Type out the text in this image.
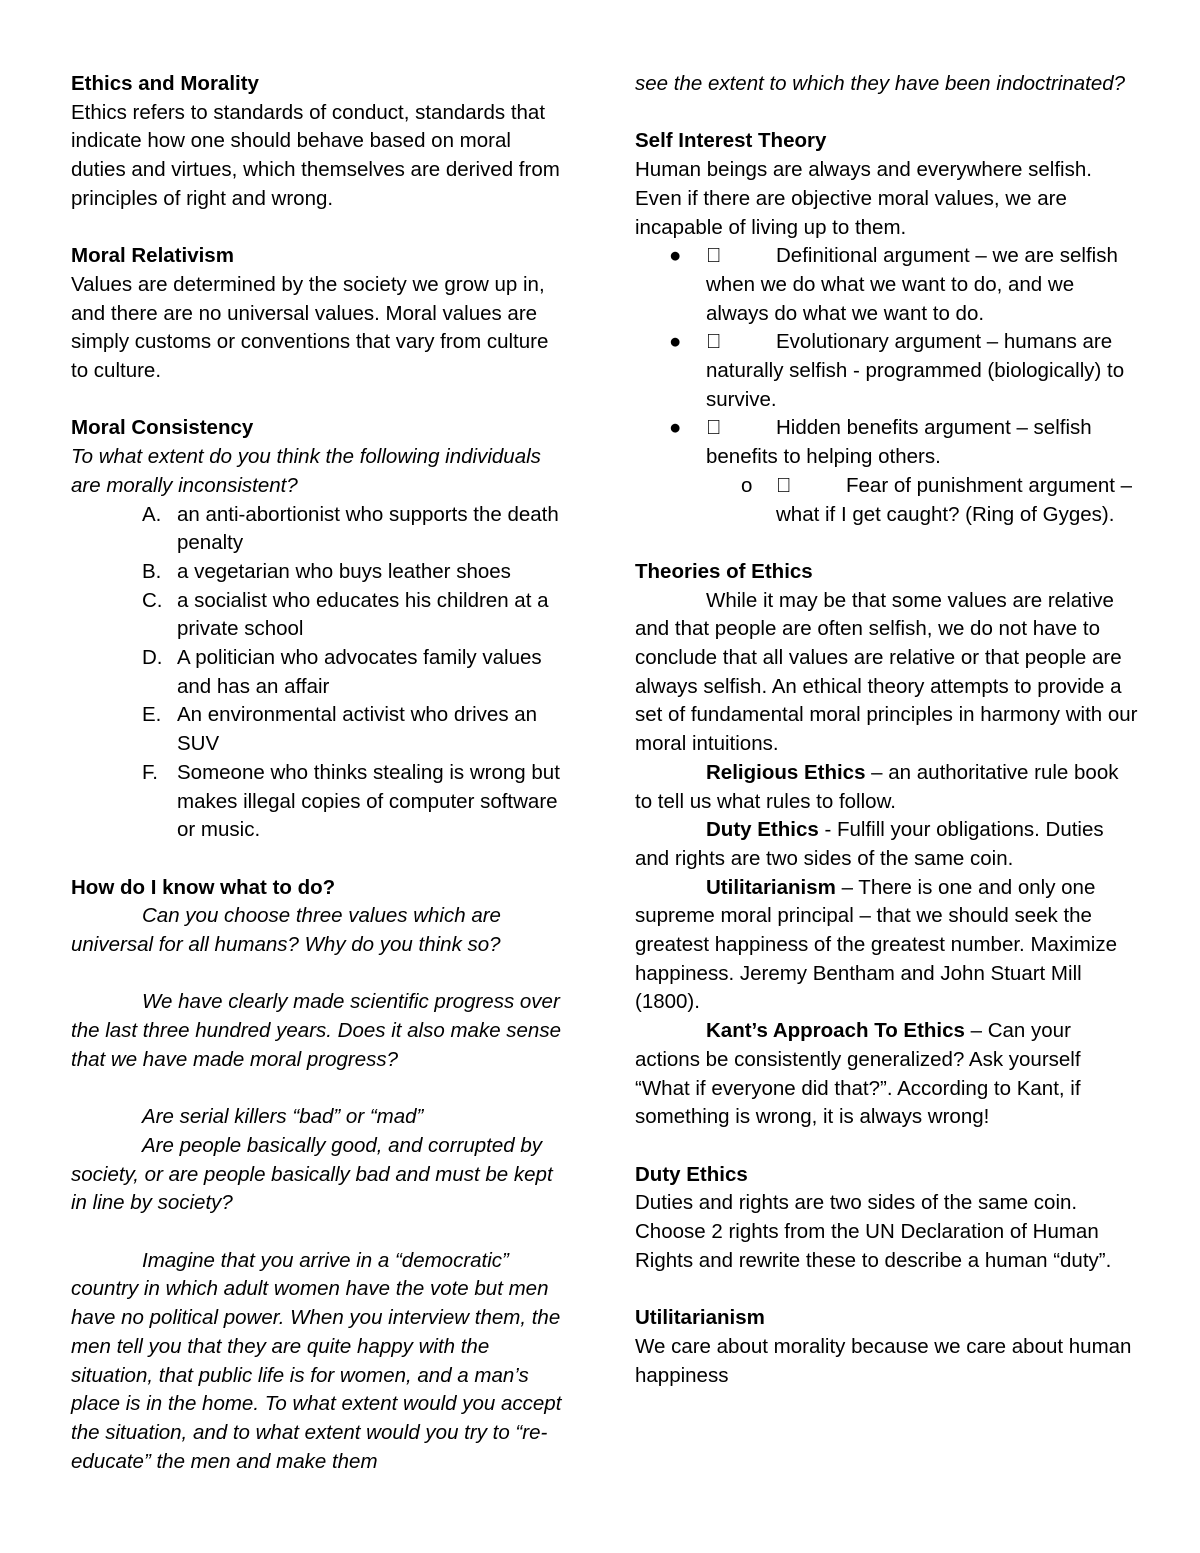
Ethics and Morality

Ethics refers to standards of conduct, standards that indicate how one should behave based on moral duties and virtues, which themselves are derived from principles of right and wrong.

Moral Relativism

Values are determined by the society we grow up in, and there are no universal values. Moral values are simply customs or conventions that vary from culture to culture.

Moral Consistency

To what extent do you think the following individuals are morally inconsistent?

A. an anti-abortionist who supports the death penalty
B. a vegetarian who buys leather shoes
C. a socialist who educates his children at a private school
D. A politician who advocates family values and has an affair
E. An environmental activist who drives an SUV
F. Someone who thinks stealing is wrong but makes illegal copies of computer software or music.

How do I know what to do?

Can you choose three values which are universal for all humans? Why do you think so?

We have clearly made scientific progress over the last three hundred years. Does it also make sense that we have made moral progress?

Are serial killers “bad” or “mad”

Are people basically good, and corrupted by society, or are people basically bad and must be kept in line by society?

Imagine that you arrive in a “democratic” country in which adult women have the vote but men have no political power. When you interview them, the men tell you that they are quite happy with the situation, that public life is for women, and a man’s place is in the home. To what extent would you accept the situation, and to what extent would you try to “re-educate” the men and make them

see the extent to which they have been indoctrinated?

Self Interest Theory

Human beings are always and everywhere selfish. Even if there are objective moral values, we are incapable of living up to them.

●	Definitional argument – we are selfish when we do what we want to do, and we always do what we want to do.
●	Evolutionary argument – humans are naturally selfish - programmed (biologically) to survive.
●	Hidden benefits argument – selfish benefits to helping others.
o	Fear of punishment argument – what if I get caught? (Ring of Gyges).

Theories of Ethics

While it may be that some values are relative and that people are often selfish, we do not have to conclude that all values are relative or that people are always selfish. An ethical theory attempts to provide a set of fundamental moral principles in harmony with our moral intuitions.

Religious Ethics – an authoritative rule book to tell us what rules to follow.

Duty Ethics - Fulfill your obligations. Duties and rights are two sides of the same coin.

Utilitarianism – There is one and only one supreme moral principal – that we should seek the greatest happiness of the greatest number. Maximize happiness. Jeremy Bentham and John Stuart Mill (1800).

Kant’s Approach To Ethics – Can your actions be consistently generalized? Ask yourself “What if everyone did that?”. According to Kant, if something is wrong, it is always wrong!

Duty Ethics

Duties and rights are two sides of the same coin. Choose 2 rights from the UN Declaration of Human Rights and rewrite these to describe a human “duty”.

Utilitarianism

We care about morality because we care about human happiness
